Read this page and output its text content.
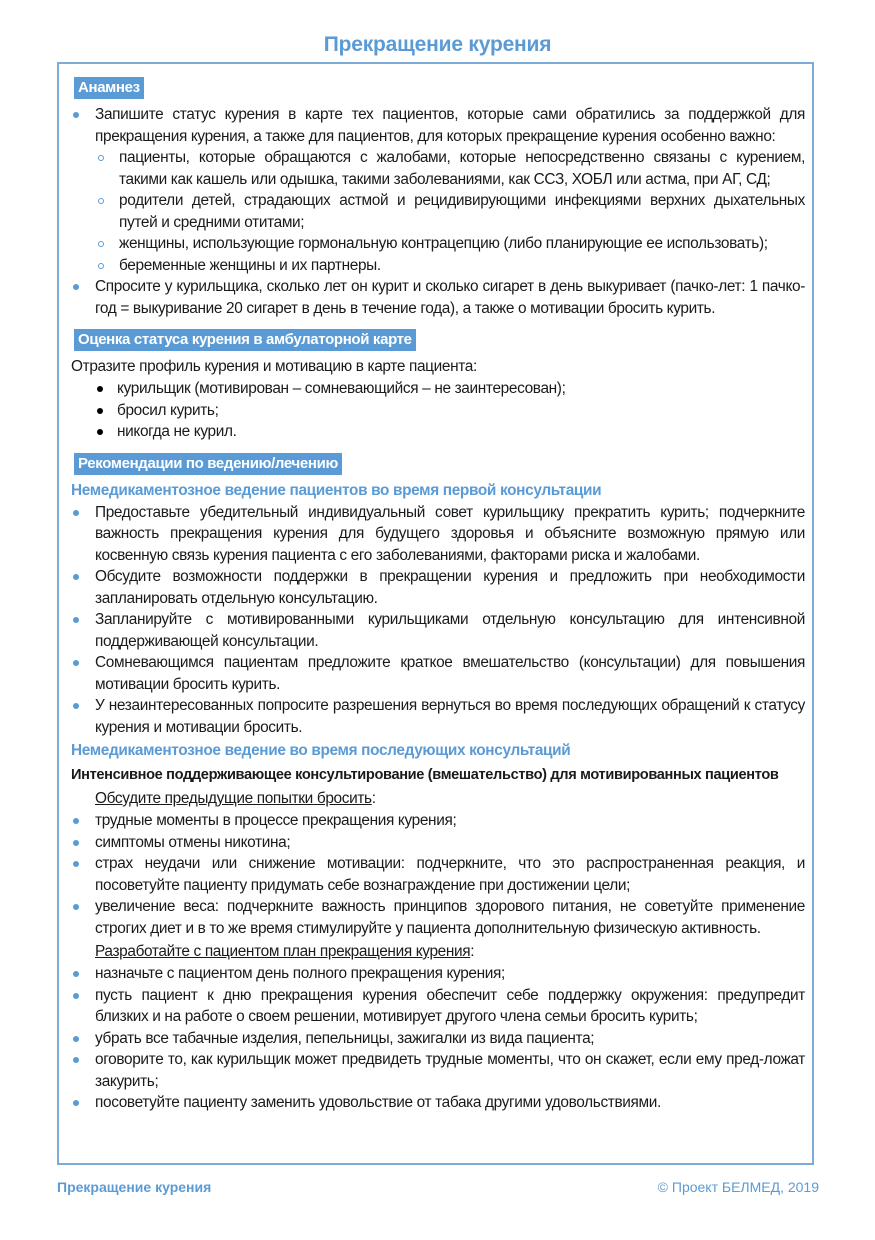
Прекращение курения
Анамнез
Запишите статус курения в карте тех пациентов, которые сами обратились за поддержкой для прекращения курения, а также для пациентов, для которых прекращение курения особенно важно:
пациенты, которые обращаются с жалобами, которые непосредственно связаны с курением, такими как кашель или одышка, такими заболеваниями, как ССЗ, ХОБЛ или астма, при АГ, СД;
родители детей, страдающих астмой и рецидивирующими инфекциями верхних дыхательных путей и средними отитами;
женщины, использующие гормональную контрацепцию (либо планирующие ее использовать);
беременные женщины и их партнеры.
Спросите у курильщика, сколько лет он курит и сколько сигарет в день выкуривает (пачко-лет: 1 пачко-год = выкуривание 20 сигарет в день в течение года), а также о мотивации бросить курить.
Оценка статуса курения в амбулаторной карте
Отразите профиль курения и мотивацию в карте пациента:
курильщик (мотивирован – сомневающийся – не заинтересован);
бросил курить;
никогда не курил.
Рекомендации по ведению/лечению
Немедикаментозное ведение пациентов во время первой консультации
Предоставьте убедительный индивидуальный совет курильщику прекратить курить; подчеркните важность прекращения курения для будущего здоровья и объясните возможную прямую или косвенную связь курения пациента с его заболеваниями, факторами риска и жалобами.
Обсудите возможности поддержки в прекращении курения и предложить при необходимости запланировать отдельную консультацию.
Запланируйте с мотивированными курильщиками отдельную консультацию для интенсивной поддерживающей консультации.
Сомневающимся пациентам предложите краткое вмешательство (консультации) для повышения мотивации бросить курить.
У незаинтересованных попросите разрешения вернуться во время последующих обращений к статусу курения и мотивации бросить.
Немедикаментозное ведение во время последующих консультаций
Интенсивное поддерживающее консультирование (вмешательство) для мотивированных пациентов
Обсудите предыдущие попытки бросить:
трудные моменты в процессе прекращения курения;
симптомы отмены никотина;
страх неудачи или снижение мотивации: подчеркните, что это распространенная реакция, и посоветуйте пациенту придумать себе вознаграждение при достижении цели;
увеличение веса: подчеркните важность принципов здорового питания, не советуйте применение строгих диет и в то же время стимулируйте у пациента дополнительную физическую активность.
Разработайте с пациентом план прекращения курения:
назначьте с пациентом день полного прекращения курения;
пусть пациент к дню прекращения курения обеспечит себе поддержку окружения: предупредит близких и на работе о своем решении, мотивирует другого члена семьи бросить курить;
убрать все табачные изделия, пепельницы, зажигалки из вида пациента;
оговорите то, как курильщик может предвидеть трудные моменты, что он скажет, если ему пред-ложат закурить;
посоветуйте пациенту заменить удовольствие от табака другими удовольствиями.
Прекращение курения	© Проект БЕЛМЕД, 2019
